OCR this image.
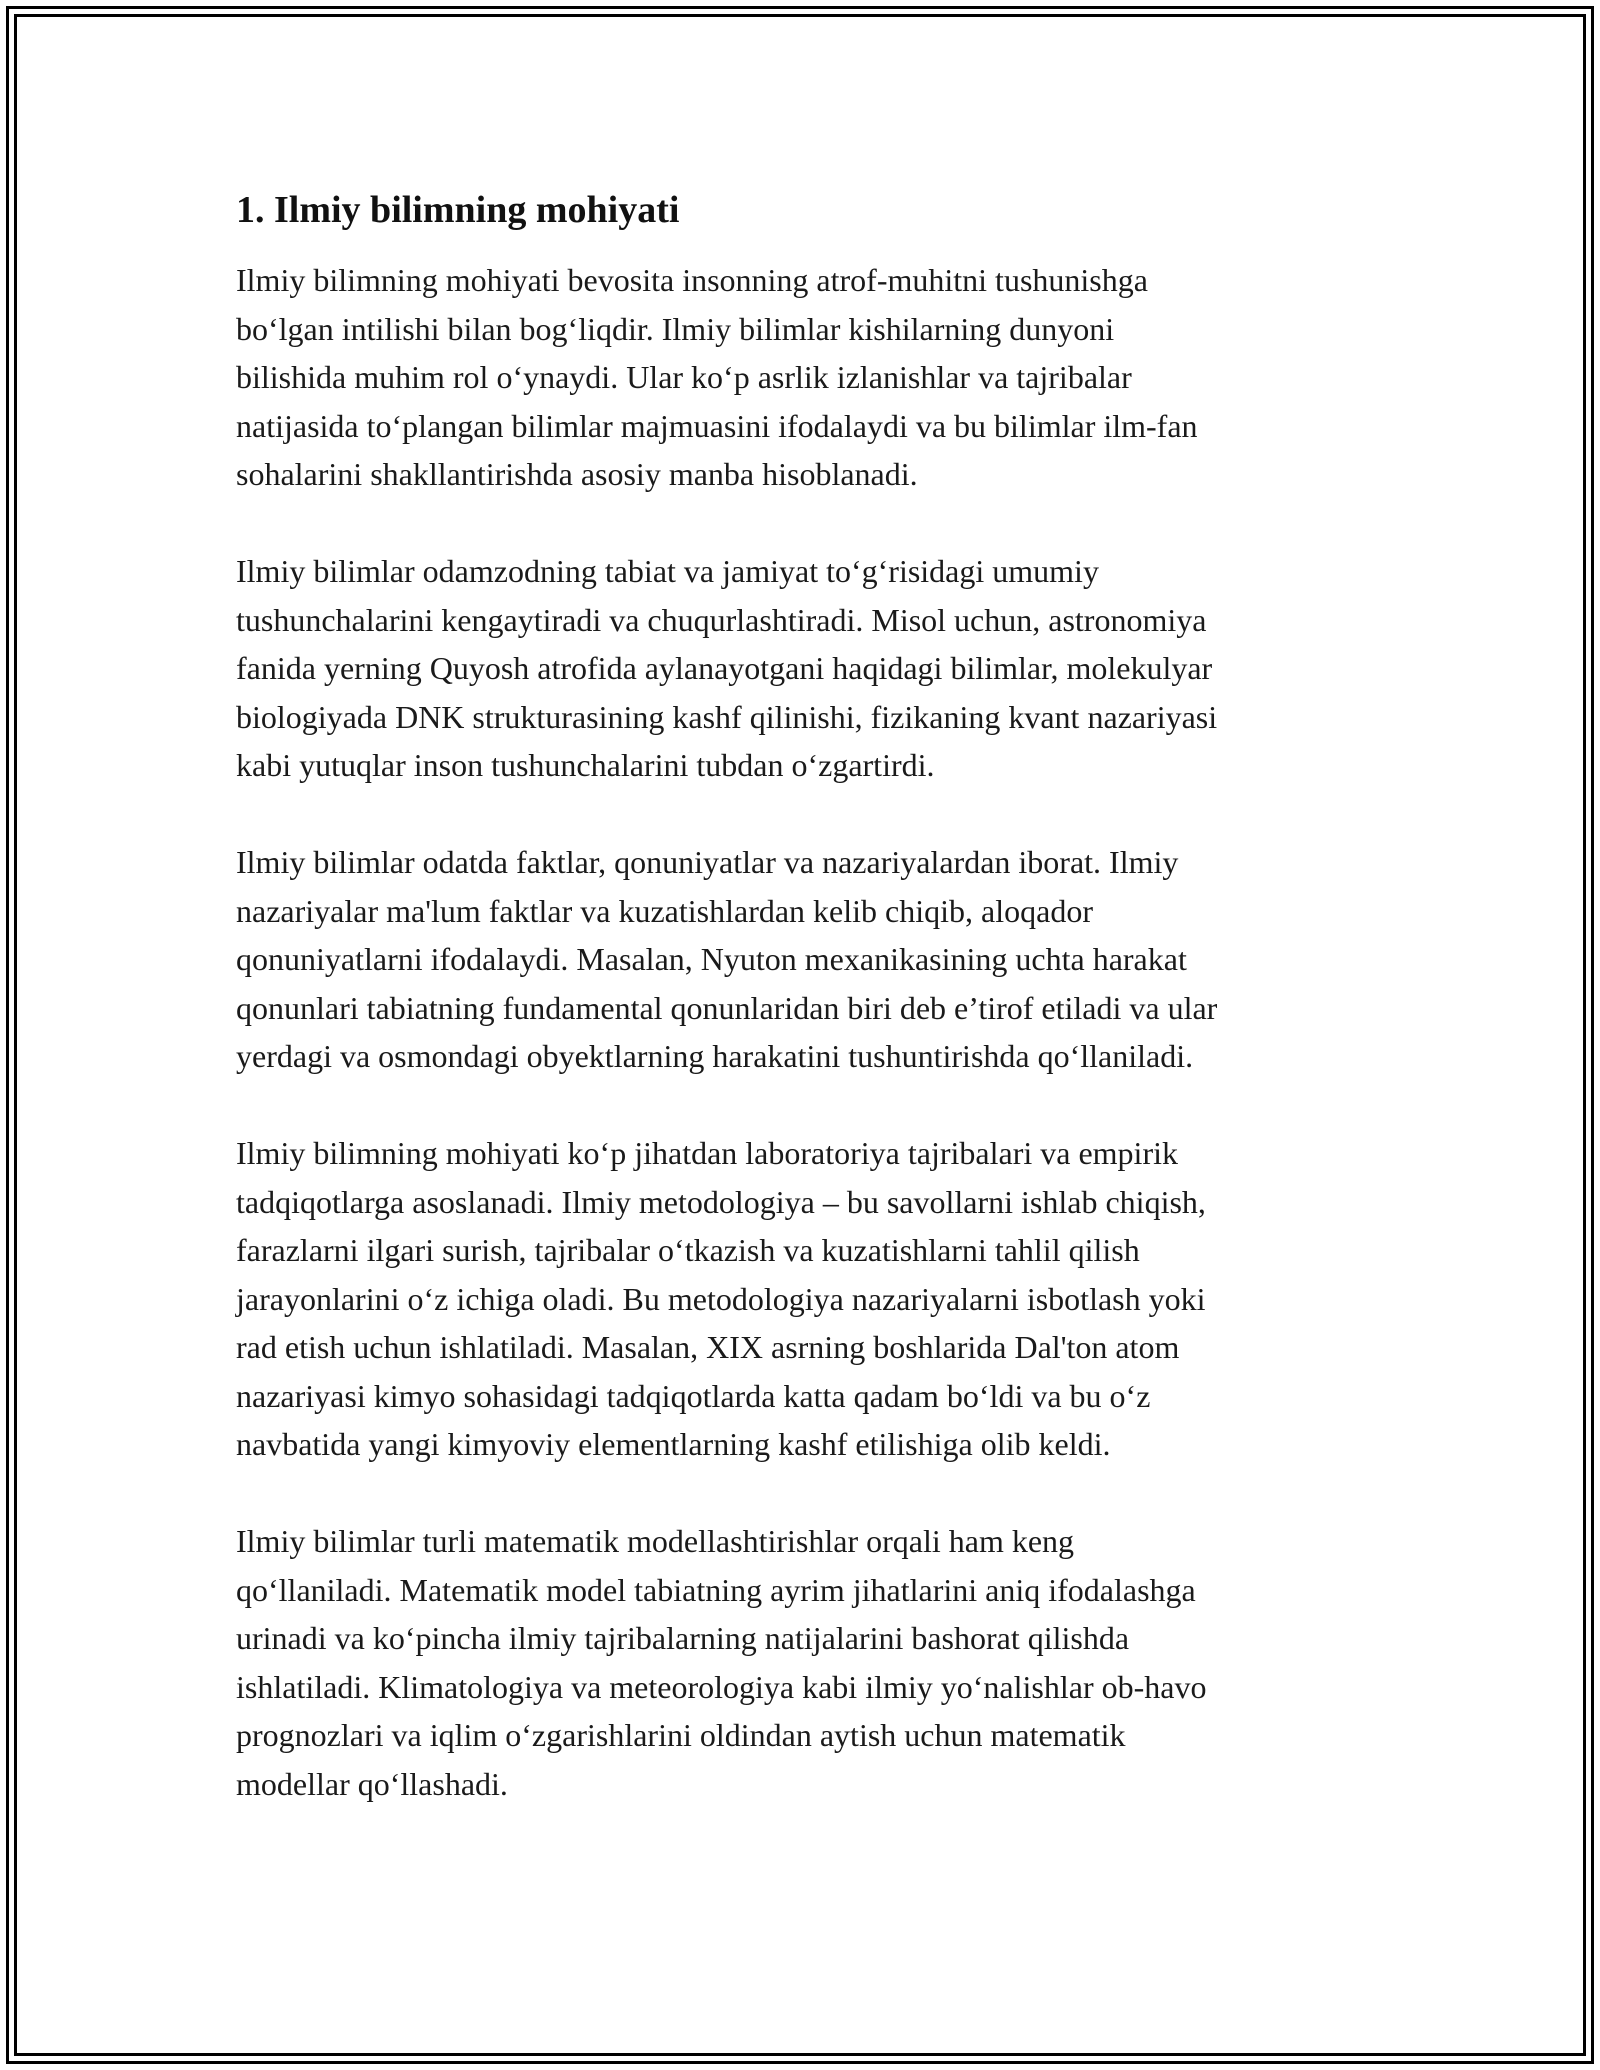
1. Ilmiy bilimning mohiyati

Ilmiy bilimning mohiyati bevosita insonning atrof-muhitni tushunishga
bo‘lgan intilishi bilan bog‘liqdir. Ilmiy bilimlar kishilarning dunyoni
bilishida muhim rol o‘ynaydi. Ular ko‘p asrlik izlanishlar va tajribalar
natijasida to‘plangan bilimlar majmuasini ifodalaydi va bu bilimlar ilm-fan
sohalarini shakllantirishda asosiy manba hisoblanadi.

Ilmiy bilimlar odamzodning tabiat va jamiyat to‘g‘risidagi umumiy
tushunchalarini kengaytiradi va chuqurlashtiradi. Misol uchun, astronomiya
fanida yerning Quyosh atrofida aylanayotgani haqidagi bilimlar, molekulyar
biologiyada DNK strukturasining kashf qilinishi, fizikaning kvant nazariyasi
kabi yutuqlar inson tushunchalarini tubdan o‘zgartirdi.

Ilmiy bilimlar odatda faktlar, qonuniyatlar va nazariyalardan iborat. Ilmiy
nazariyalar ma'lum faktlar va kuzatishlardan kelib chiqib, aloqador
qonuniyatlarni ifodalaydi. Masalan, Nyuton mexanikasining uchta harakat
qonunlari tabiatning fundamental qonunlaridan biri deb e’tirof etiladi va ular
yerdagi va osmondagi obyektlarning harakatini tushuntirishda qo‘llaniladi.

Ilmiy bilimning mohiyati ko‘p jihatdan laboratoriya tajribalari va empirik
tadqiqotlarga asoslanadi. Ilmiy metodologiya – bu savollarni ishlab chiqish,
farazlarni ilgari surish, tajribalar o‘tkazish va kuzatishlarni tahlil qilish
jarayonlarini o‘z ichiga oladi. Bu metodologiya nazariyalarni isbotlash yoki
rad etish uchun ishlatiladi. Masalan, XIX asrning boshlarida Dal'ton atom
nazariyasi kimyo sohasidagi tadqiqotlarda katta qadam bo‘ldi va bu o‘z
navbatida yangi kimyoviy elementlarning kashf etilishiga olib keldi.

Ilmiy bilimlar turli matematik modellashtirishlar orqali ham keng
qo‘llaniladi. Matematik model tabiatning ayrim jihatlarini aniq ifodalashga
urinadi va ko‘pincha ilmiy tajribalarning natijalarini bashorat qilishda
ishlatiladi. Klimatologiya va meteorologiya kabi ilmiy yo‘nalishlar ob-havo
prognozlari va iqlim o‘zgarishlarini oldindan aytish uchun matematik
modellar qo‘llashadi.
